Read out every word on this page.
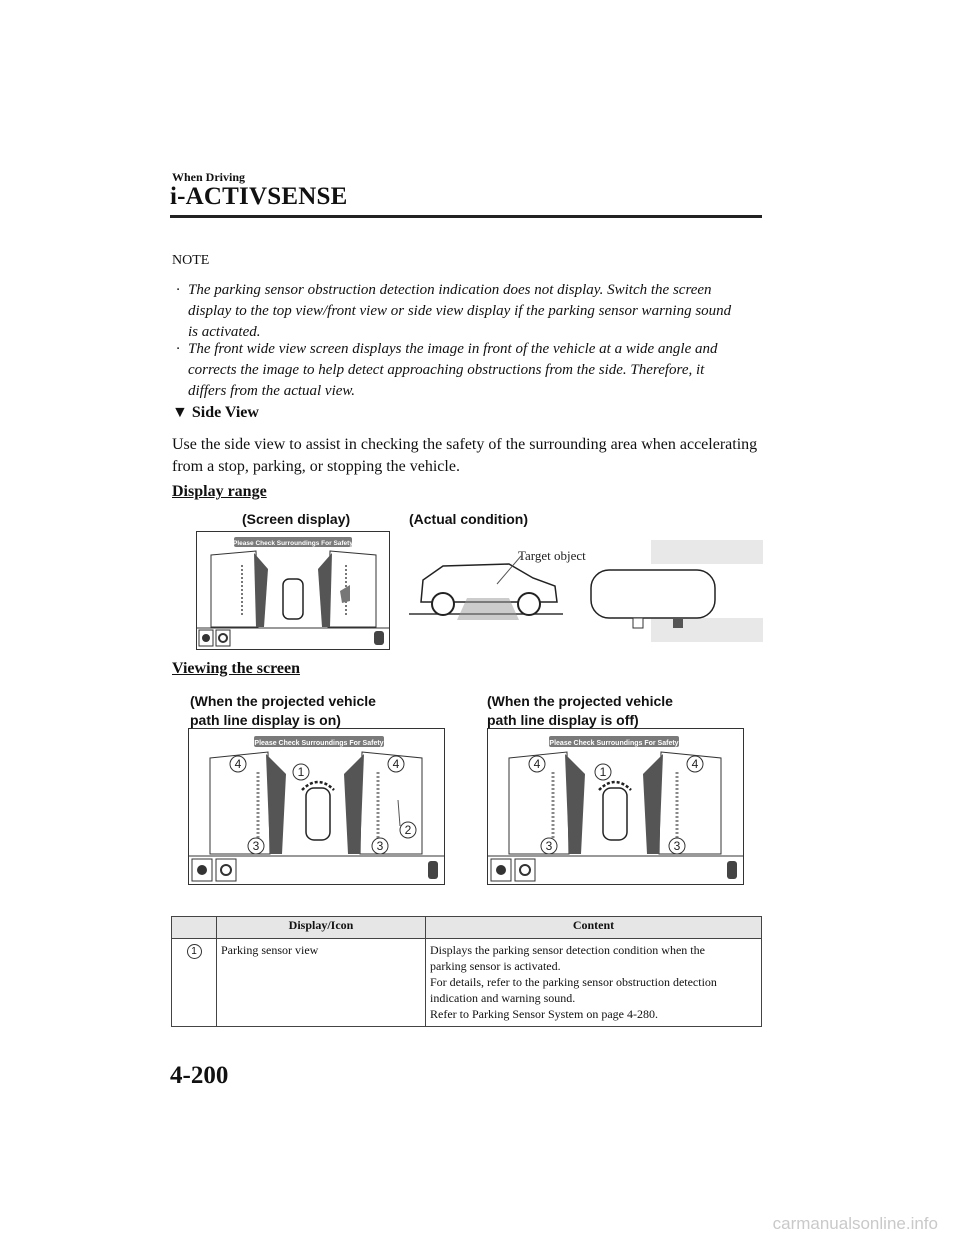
When Driving
i-ACTIVSENSE
NOTE
· The parking sensor obstruction detection indication does not display. Switch the screen
display to the top view/front view or side view display if the parking sensor warning sound
is activated.
· The front wide view screen displays the image in front of the vehicle at a wide angle and
corrects the image to help detect approaching obstructions from the side. Therefore, it
differs from the actual view.
▼ Side View
Use the side view to assist in checking the safety of the surrounding area when accelerating
from a stop, parking, or stopping the vehicle.
Display range
(Screen display)	(Actual condition)
Please Check Surroundings For Safety
Target object
Viewing the screen
(When the projected vehicle
path line display is on)
(When the projected vehicle
path line display is off)
Please Check Surroundings For Safety
1
2
3	3
4	4
Please Check Surroundings For Safety
1
3	3
4	4
	Display/Icon	Content
1	Parking sensor view	Displays the parking sensor detection condition when the
parking sensor is activated.
For details, refer to the parking sensor obstruction detection
indication and warning sound.
Refer to Parking Sensor System on page 4-280.
4-200
carmanualsonline.info
